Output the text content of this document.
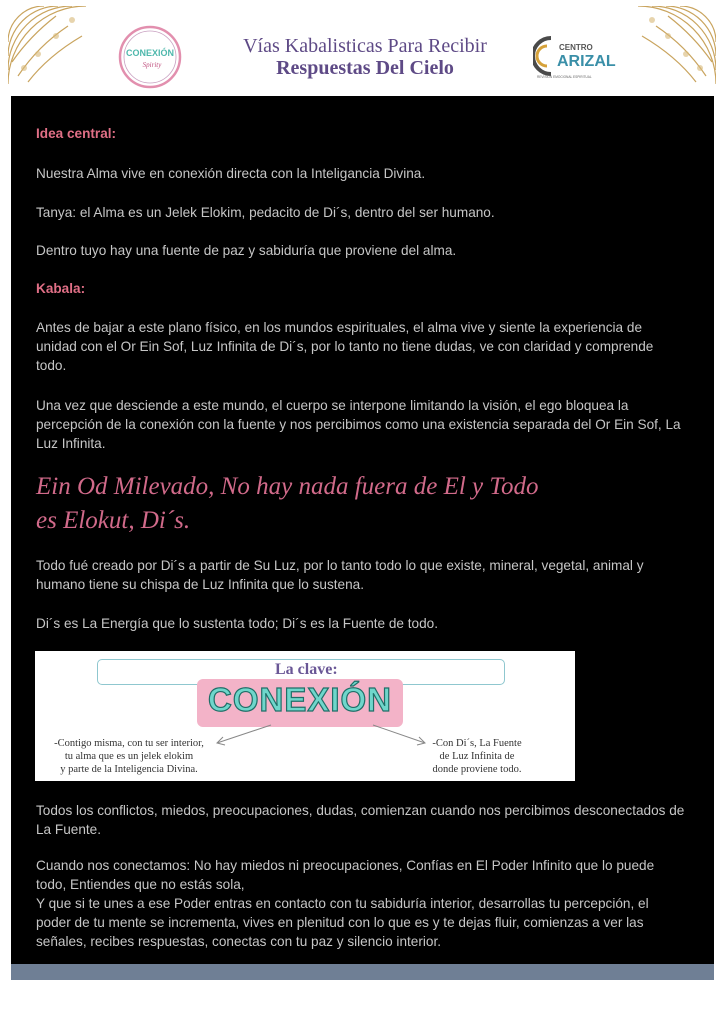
CONEXIÓN
Spirity
Vías Kabalisticas Para Recibir
Respuestas Del Cielo
CENTRO
ARIZAL
REVISIÓN EMOCIONAL ESPIRITUAL
Idea central:
Nuestra Alma vive en conexión directa con la Inteligancia Divina.
Tanya: el Alma es un Jelek Elokim, pedacito de Di´s, dentro del ser humano.
Dentro tuyo hay una fuente de paz y sabiduría que proviene del alma.
Kabala:
Antes de bajar a este plano físico, en los mundos espirituales, el alma vive y siente la experiencia de unidad con el Or Ein Sof, Luz Infinita de Di´s, por lo tanto no tiene dudas, ve con claridad y comprende todo.
Una vez que desciende a este mundo, el cuerpo se interpone limitando la visión, el ego bloquea la percepción de la conexión con la fuente y nos percibimos como una existencia separada del Or Ein Sof, La Luz Infinita.
Ein Od Milevado, No hay nada fuera de El y Todo
es Elokut, Di´s.
Todo fué creado por Di´s a partir de Su Luz, por lo tanto todo lo que existe, mineral, vegetal, animal y humano tiene su chispa de Luz Infinita que lo sustena.
Di´s es La Energía que lo sustenta todo; Di´s es la Fuente de todo.
La clave:
CONEXIÓN
-Contigo misma, con tu ser interior,
tu alma que es un jelek elokim
y parte de la Inteligencia Divina.
-Con Di´s, La Fuente
de Luz Infinita de
donde proviene todo.
Todos los conflictos, miedos, preocupaciones, dudas, comienzan cuando nos percibimos desconectados de La Fuente.
Cuando nos conectamos: No hay miedos ni preocupaciones, Confías en El Poder Infinito que lo puede todo, Entiendes que no estás sola,
Y que si te unes a ese Poder entras en contacto con tu sabiduría interior, desarrollas tu percepción, el poder de tu mente se incrementa, vives en plenitud con lo que es y te dejas fluir, comienzas a ver las señales, recibes respuestas, conectas con tu paz y silencio interior.
